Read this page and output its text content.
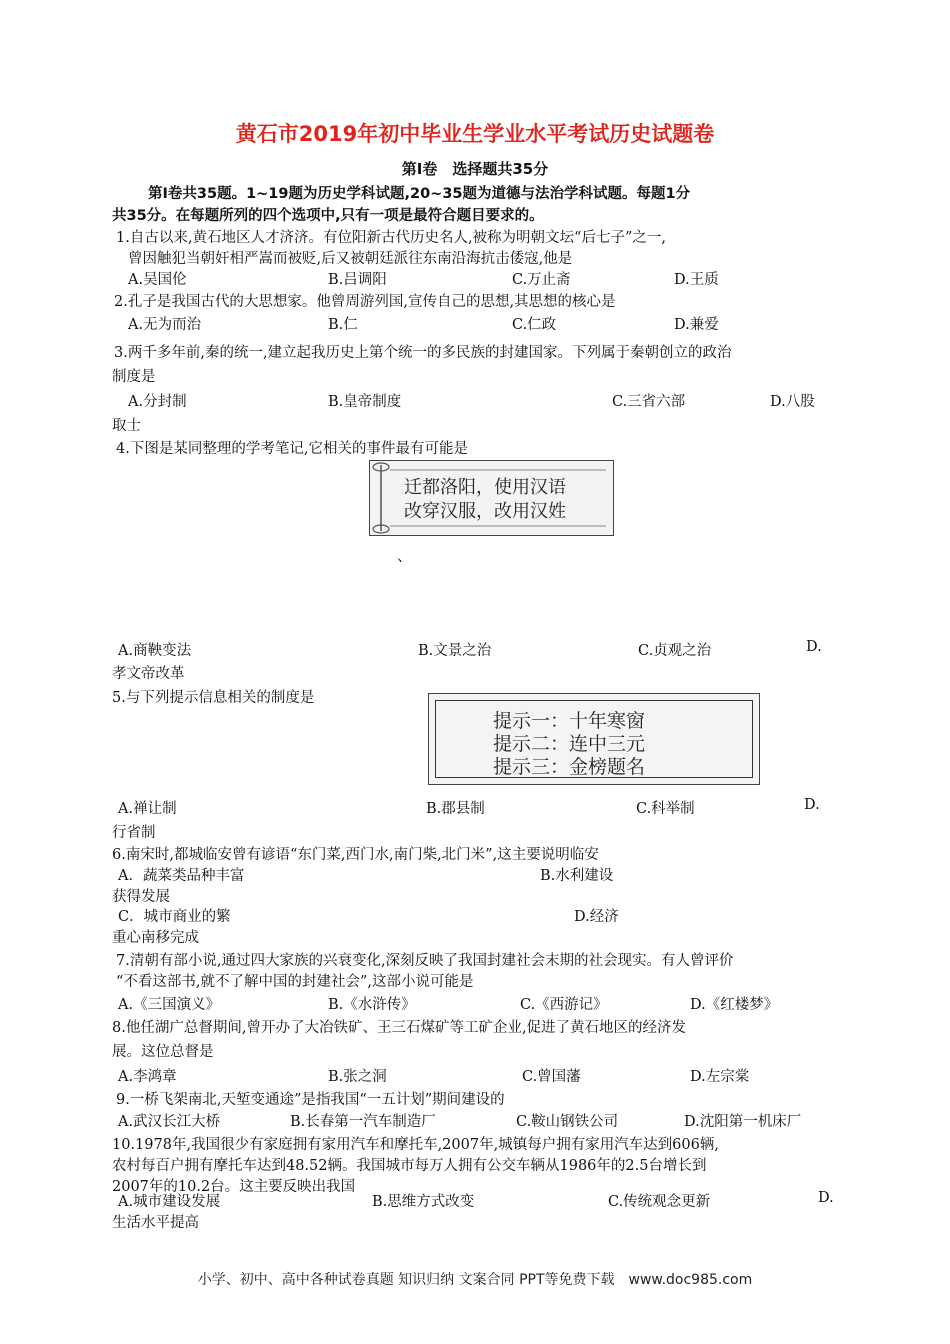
黄石市2019年初中毕业生学业水平考试历史试题卷
第Ⅰ卷　选择题共35分
第Ⅰ卷共35题。1~19题为历史学科试题,20~35题为道德与法治学科试题。每题1分
共35分。在每题所列的四个选项中,只有一项是最符合题目要求的。
1.自古以来,黄石地区人才济济。有位阳新古代历史名人,被称为明朝文坛“后七子”之一,
曾因触犯当朝奸相严嵩而被贬,后又被朝廷派往东南沿海抗击倭寇,他是
A.吴国伦	B.吕调阳	C.万止斋	D.王质
2.孔子是我国古代的大思想家。他曾周游列国,宣传自己的思想,其思想的核心是
A.无为而治	B.仁	C.仁政	D.兼爱
3.两千多年前,秦的统一,建立起我历史上第个统一的多民族的封建国家。下列属于秦朝创立的政治
制度是
A.分封制	B.皇帝制度	C.三省六部	D.八股
取士
4.下图是某同整理的学考笔记,它相关的事件最有可能是
迁都洛阳，使用汉语
改穿汉服，改用汉姓
、
A.商鞅变法	B.文景之治	C.贞观之治	D.
孝文帝改革
5.与下列提示信息相关的制度是
提示一：十年寒窗
提示二：连中三元
提示三：金榜题名
A.禅让制	B.郡县制	C.科举制	D.
行省制
6.南宋时,都城临安曾有谚语“东门菜,西门水,南门柴,北门米”,这主要说明临安
A．蔬菜类品种丰富	B.水利建设
获得发展
C．城市商业的繁	D.经济
重心南移完成
7.清朝有部小说,通过四大家族的兴衰变化,深刻反映了我国封建社会末期的社会现实。有人曾评价
“不看这部书,就不了解中国的封建社会”,这部小说可能是
A.《三国演义》	B.《水浒传》	C.《西游记》	D.《红楼梦》
8.他任湖广总督期间,曾开办了大冶铁矿、王三石煤矿等工矿企业,促进了黄石地区的经济发
展。这位总督是
A.李鸿章	B.张之洞	C.曾国藩	D.左宗棠
9.一桥飞架南北,天堑变通途”是指我国“一五计划”期间建设的
A.武汉长江大桥	B.长春第一汽车制造厂	C.鞍山钢铁公司	D.沈阳第一机床厂
10.1978年,我国很少有家庭拥有家用汽车和摩托车,2007年,城镇每户拥有家用汽车达到606辆,
农村每百户拥有摩托车达到48.52辆。我国城市每万人拥有公交车辆从1986年的2.5台增长到
2007年的10.2台。这主要反映出我国
A.城市建设发展	B.思维方式改变	C.传统观念更新	D.
生活水平提高
小学、初中、高中各种试卷真题 知识归纳 文案合同 PPT等免费下载　www.doc985.com
